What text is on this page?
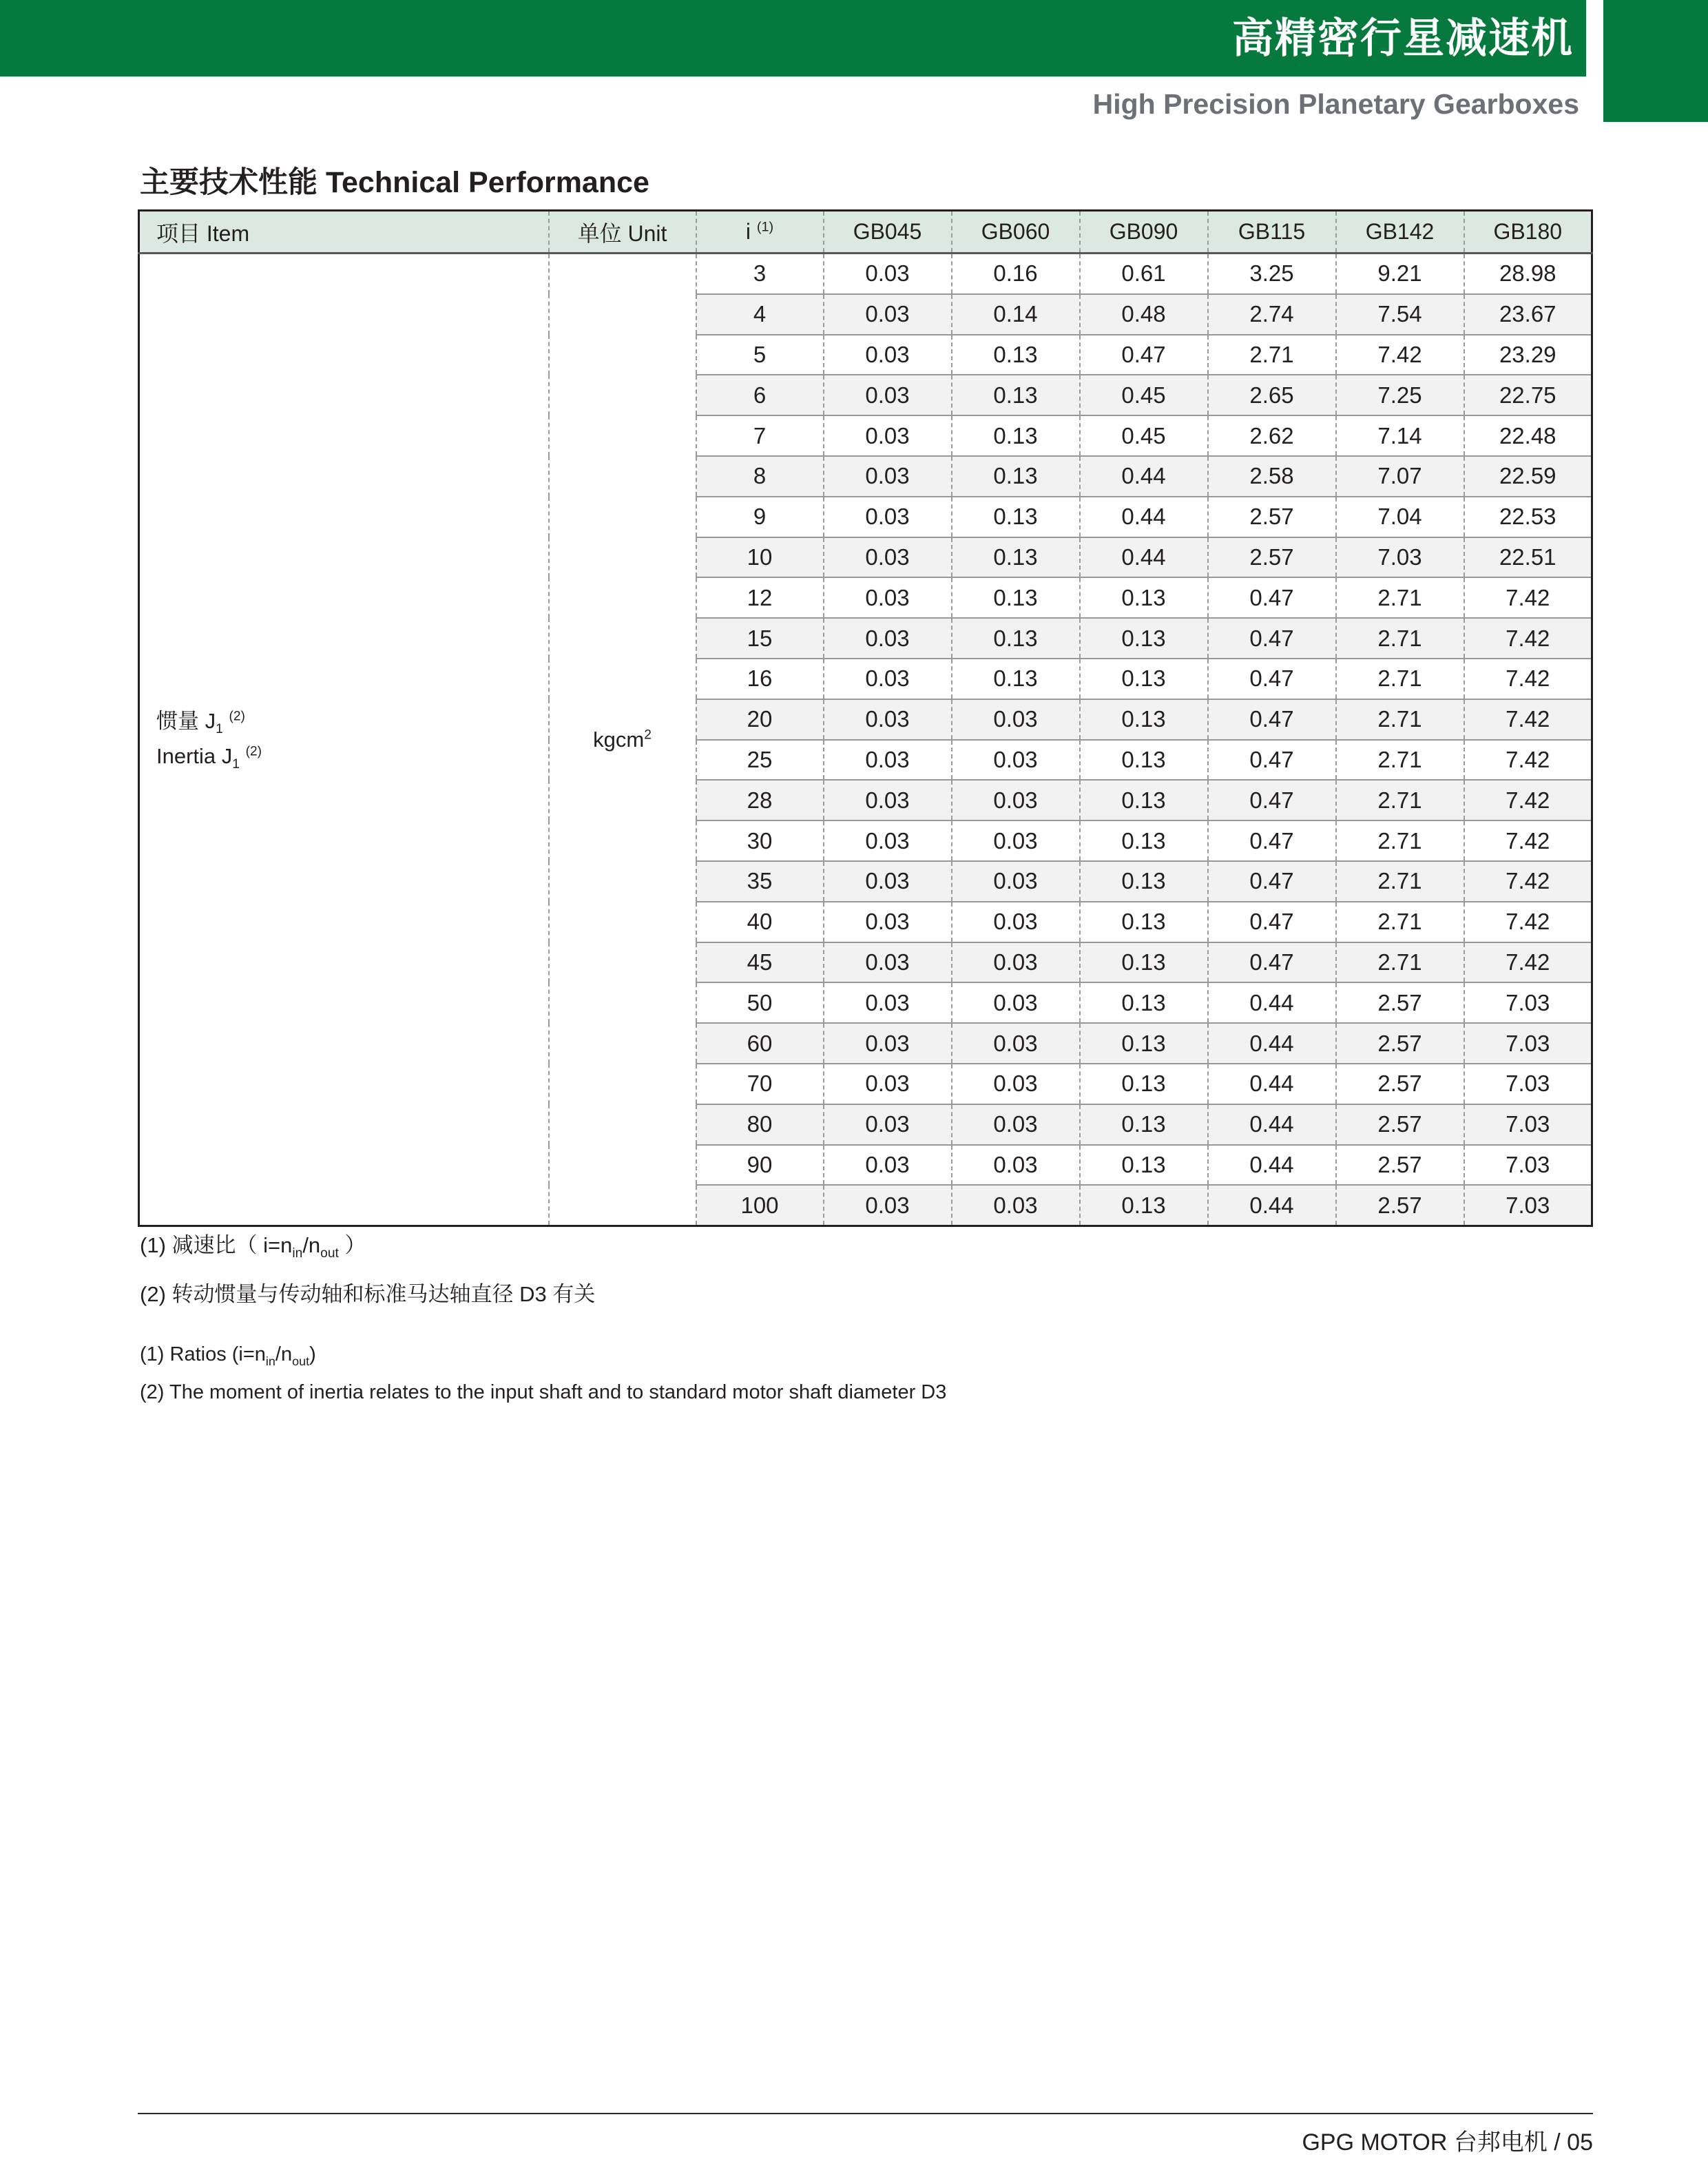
高精密行星减速机
High Precision Planetary Gearboxes
主要技术性能 Technical Performance
项目 Item	单位 Unit	i $^{(1)}$	GB045	GB060	GB090	GB115	GB142	GB180

惯量 $J_1$ $^{(2)}$
Inertia $J_1$ $^{(2)}$	kgcm$^2$	3	0.03	0.16	0.61	3.25	9.21	28.98
		4	0.03	0.14	0.48	2.74	7.54	23.67
		5	0.03	0.13	0.47	2.71	7.42	23.29
		6	0.03	0.13	0.45	2.65	7.25	22.75
		7	0.03	0.13	0.45	2.62	7.14	22.48
		8	0.03	0.13	0.44	2.58	7.07	22.59
		9	0.03	0.13	0.44	2.57	7.04	22.53
		10	0.03	0.13	0.44	2.57	7.03	22.51
		12	0.03	0.13	0.13	0.47	2.71	7.42
		15	0.03	0.13	0.13	0.47	2.71	7.42
		16	0.03	0.13	0.13	0.47	2.71	7.42
		20	0.03	0.03	0.13	0.47	2.71	7.42
		25	0.03	0.03	0.13	0.47	2.71	7.42
		28	0.03	0.03	0.13	0.47	2.71	7.42
		30	0.03	0.03	0.13	0.47	2.71	7.42
		35	0.03	0.03	0.13	0.47	2.71	7.42
		40	0.03	0.03	0.13	0.47	2.71	7.42
		45	0.03	0.03	0.13	0.47	2.71	7.42
		50	0.03	0.03	0.13	0.44	2.57	7.03
		60	0.03	0.03	0.13	0.44	2.57	7.03
		70	0.03	0.03	0.13	0.44	2.57	7.03
		80	0.03	0.03	0.13	0.44	2.57	7.03
		90	0.03	0.03	0.13	0.44	2.57	7.03
		100	0.03	0.03	0.13	0.44	2.57	7.03
(1) 减速比（ $i=n_{in}/n_{out}$ ）
(2) 转动惯量与传动轴和标准马达轴直径 D3 有关
(1) Ratios $(i=n_{in}/n_{out})$
(2) The moment of inertia relates to the input shaft and to standard motor shaft diameter D3
GPG MOTOR 台邦电机 / 05
